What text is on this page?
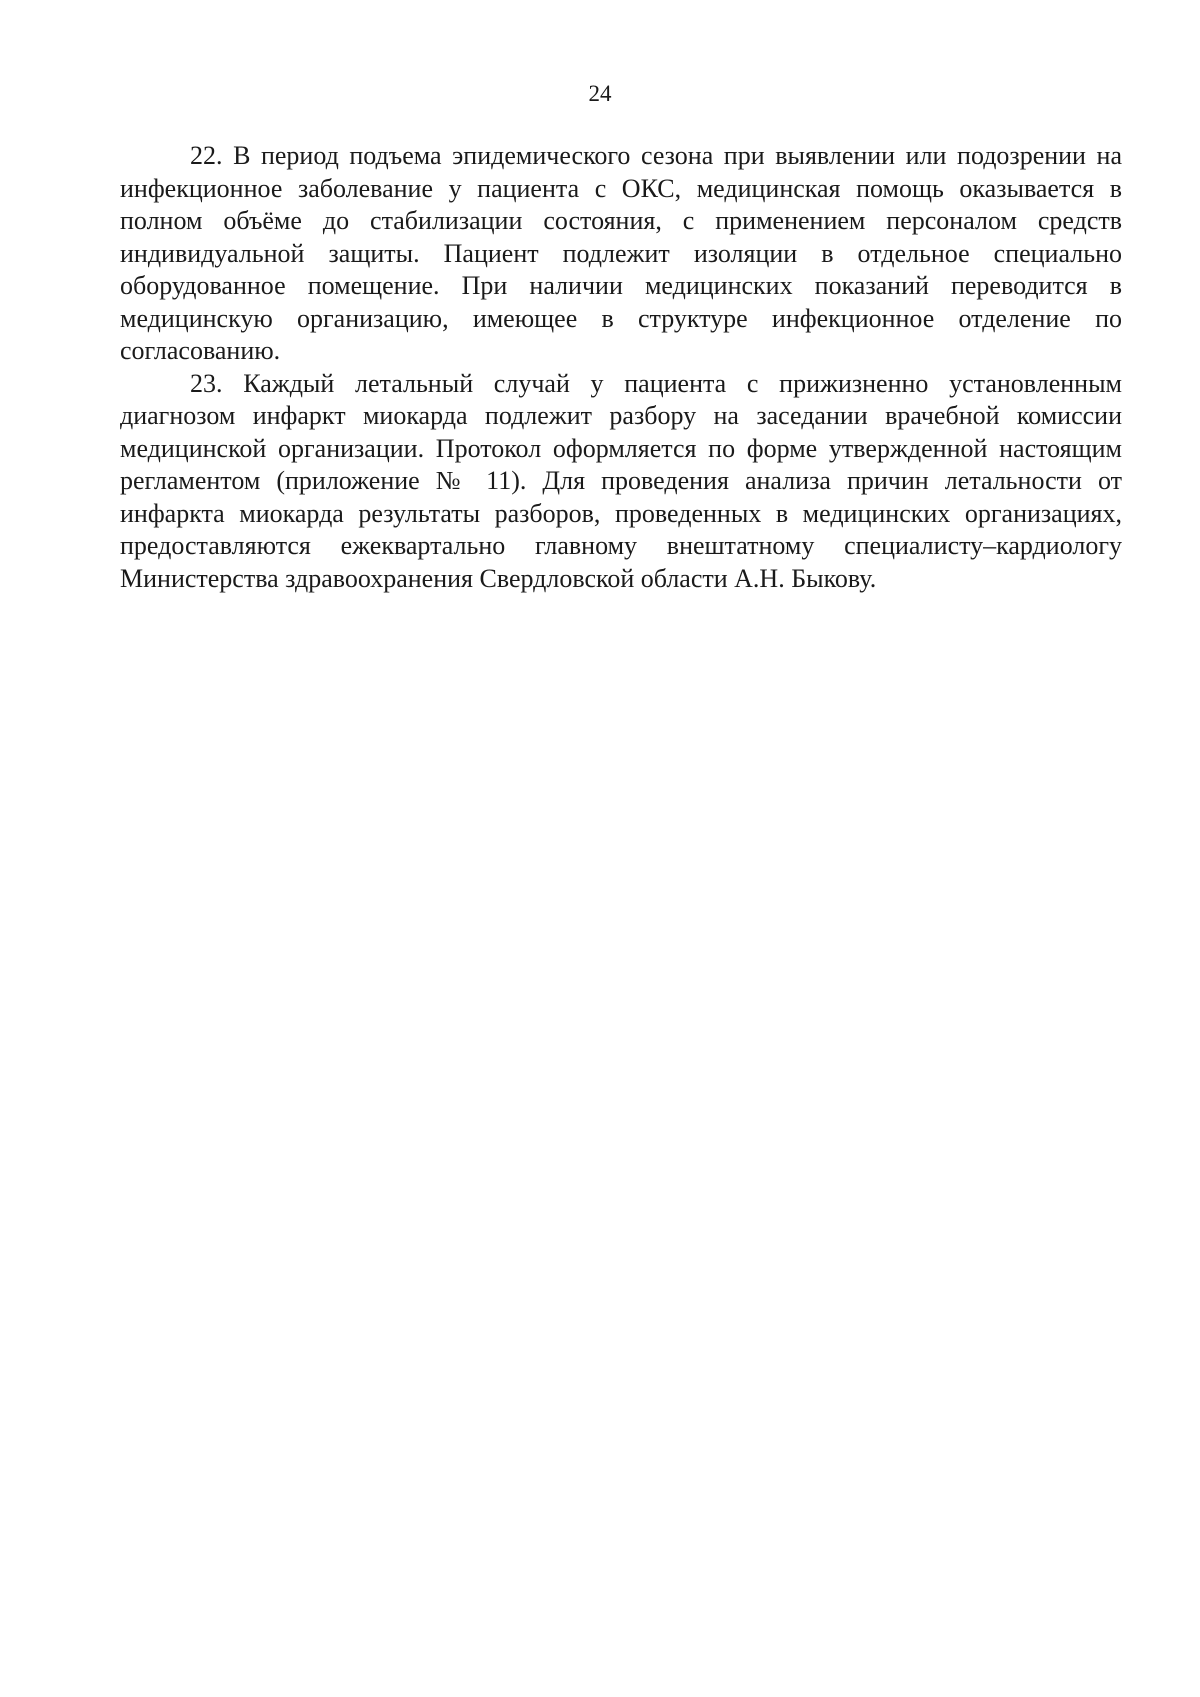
24

22. В период подъема эпидемического сезона при выявлении или подозрении на инфекционное заболевание у пациента с ОКС, медицинская помощь оказывается в полном объёме до стабилизации состояния, с применением персоналом средств индивидуальной защиты. Пациент подлежит изоляции в отдельное специально оборудованное помещение. При наличии медицинских показаний переводится в медицинскую организацию, имеющее в структуре инфекционное отделение по согласованию.

23. Каждый летальный случай у пациента с прижизненно установленным диагнозом инфаркт миокарда подлежит разбору на заседании врачебной комиссии медицинской организации. Протокол оформляется по форме утвержденной настоящим регламентом (приложение № 11). Для проведения анализа причин летальности от инфаркта миокарда результаты разборов, проведенных в медицинских организациях, предоставляются ежеквартально главному внештатному специалисту–кардиологу Министерства здравоохранения Свердловской области А.Н. Быкову.
